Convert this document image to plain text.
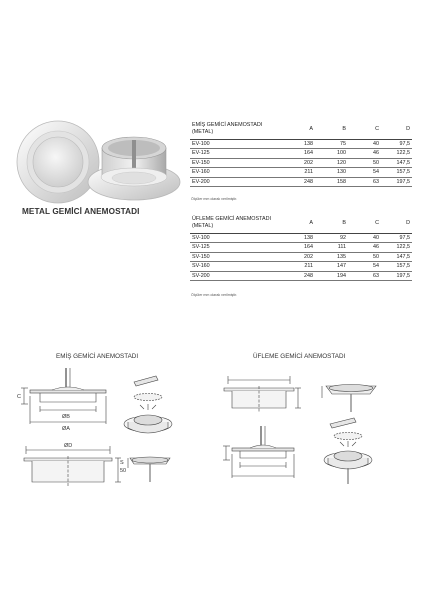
METAL GEMİCİ ANEMOSTADI
EMİŞ GEMİCİ ANEMOSTADI
(METAL)	A	B	C	D
EV-100	138	75	40	97,5
EV-125	164	100	46	122,5
EV-150	202	120	50	147,5
EV-160	211	130	54	157,5
EV-200	248	158	63	197,5
Ölçüler mm olarak verilmiştir.
ÜFLEME GEMİCİ ANEMOSTADI
(METAL)	A	B	C	D
SV-100	138	92	40	97,5
SV-125	164	111	46	122,5
SV-150	202	135	50	147,5
SV-160	211	147	54	157,5
SV-200	248	194	63	197,5
Ölçüler mm olarak verilmiştir.
EMİŞ GEMİCİ ANEMOSTADI	ÜFLEME GEMİCİ ANEMOSTADI
C
ØB
ØA
ØD
50
S
